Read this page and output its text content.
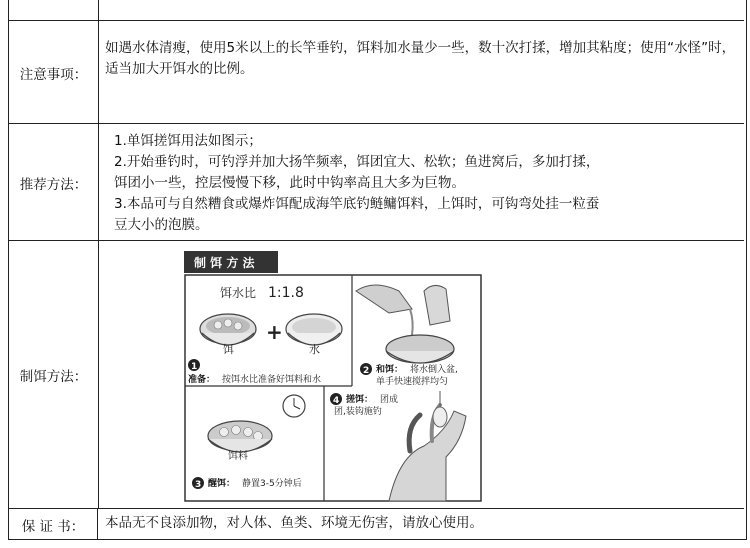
注意事项：
如遇水体清瘦，使用5米以上的长竿垂钓，饵料加水量少一些，数十次打揉，增加其粘度；使用“水怪”时，适当加大开饵水的比例。
推荐方法：
1.单饵搓饵用法如图示；
2.开始垂钓时，可钓浮并加大扬竿频率，饵团宜大、松软；鱼进窝后，多加打揉，
饵团小一些，控层慢慢下移，此时中钩率高且大多为巨物。
3.本品可与自然糟食或爆炸饵配成海竿底钓鲢鳙饵料，上饵时，可钩弯处挂一粒蚕
豆大小的泡膜。
制饵方法：
制 饵 方 法
饵水比 1:1.8
饵
+
水
1
准备： 按饵水比准备好饵料和水
2 和饵： 将水倒入盆,
单手快速搅拌均匀
饵料
3 醒饵： 静置3-5分钟后
4 搓饵： 团成
团,装钩施钓
保 证 书：	本品无不良添加物，对人体、鱼类、环境无伤害，请放心使用。
